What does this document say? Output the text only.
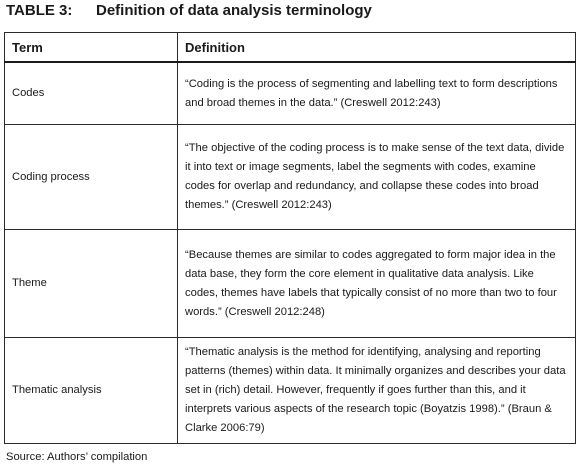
TABLE 3: Definition of data analysis terminology
Term	Definition
Codes	“Coding is the process of segmenting and labelling text to form descriptions and broad themes in the data.” (Creswell 2012:243)
Coding process	“The objective of the coding process is to make sense of the text data, divide it into text or image segments, label the segments with codes, examine codes for overlap and redundancy, and collapse these codes into broad themes.” (Creswell 2012:243)
Theme	“Because themes are similar to codes aggregated to form major idea in the data base, they form the core element in qualitative data analysis. Like codes, themes have labels that typically consist of no more than two to four words.” (Creswell 2012:248)
Thematic analysis	“Thematic analysis is the method for identifying, analysing and reporting patterns (themes) within data. It minimally organizes and describes your data set in (rich) detail. However, frequently if goes further than this, and it interprets various aspects of the research topic (Boyatzis 1998).” (Braun & Clarke 2006:79)
Source: Authors’ compilation
